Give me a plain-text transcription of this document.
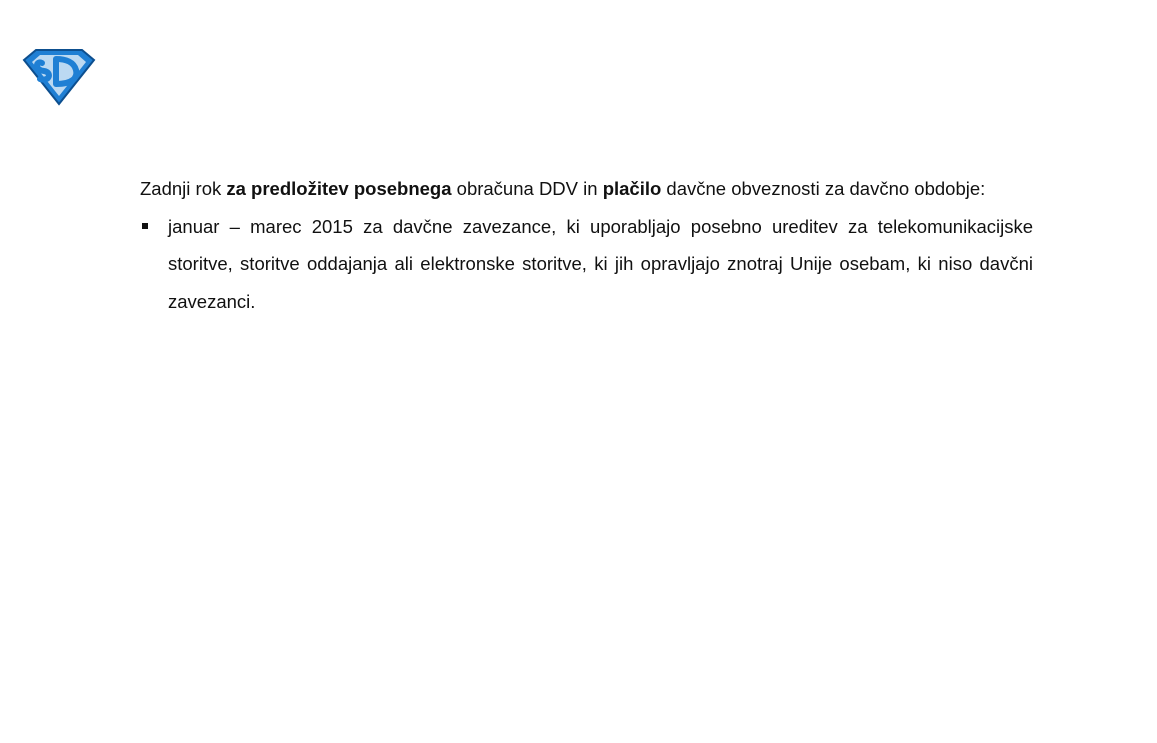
Zadnji rok za predložitev posebnega obračuna DDV in plačilo davčne obveznosti za davčno obdobje:

januar – marec 2015 za davčne zavezance, ki uporabljajo posebno ureditev za telekomunikacijske storitve, storitve oddajanja ali elektronske storitve, ki jih opravljajo znotraj Unije osebam, ki niso davčni zavezanci.
